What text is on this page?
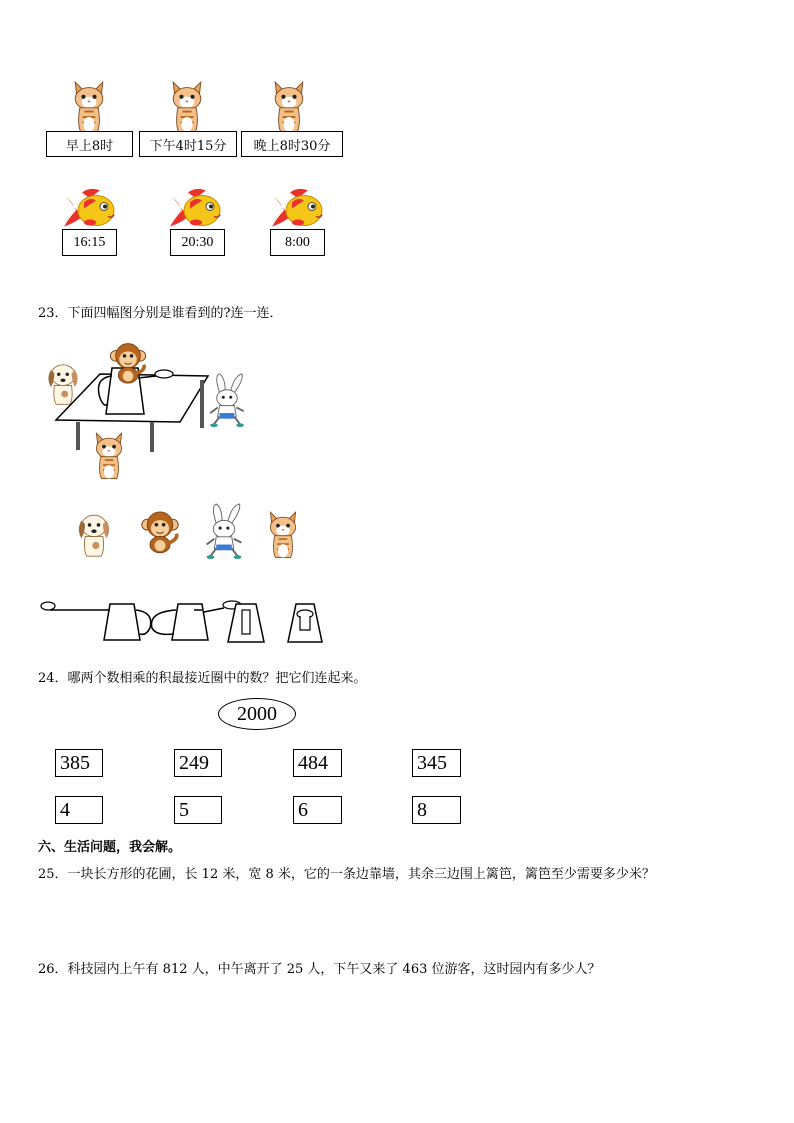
早上8时	下午4时15分	晚上8时30分
16:15	20:30	8:00
23．下面四幅图分别是谁看到的?连一连．
24．哪两个数相乘的积最接近圈中的数？把它们连起来。
2000
385	249	484	345
4	5	6	8
六、生活问题，我会解。
25．一块长方形的花圃，长 12 米，宽 8 米，它的一条边靠墙，其余三边围上篱笆，篱笆至少需要多少米？
26．科技园内上午有 812 人，中午离开了 25 人，下午又来了 463 位游客，这时园内有多少人？
